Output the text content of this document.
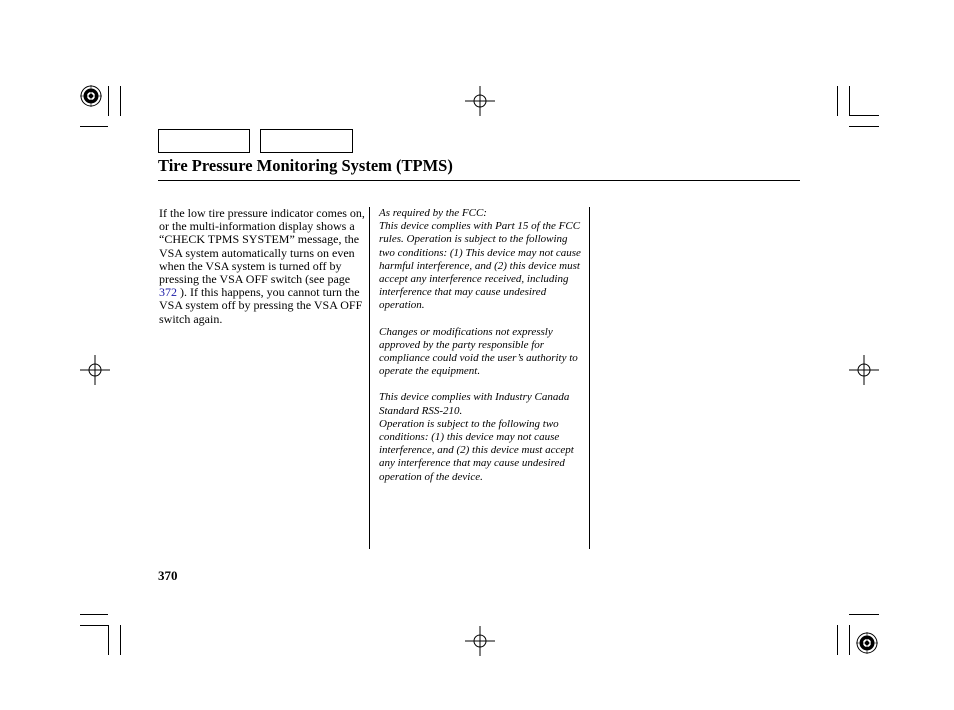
Tire Pressure Monitoring System (TPMS)
If the low tire pressure indicator comes on, or the multi-information display shows a “CHECK TPMS SYSTEM” message, the VSA system automatically turns on even when the VSA system is turned off by pressing the VSA OFF switch (see page 372 ). If this happens, you cannot turn the VSA system off by pressing the VSA OFF switch again.

As required by the FCC:
This device complies with Part 15 of the FCC rules. Operation is subject to the following two conditions: (1) This device may not cause harmful interference, and (2) this device must accept any interference received, including interference that may cause undesired operation.

Changes or modifications not expressly approved by the party responsible for compliance could void the user’s authority to operate the equipment.

This device complies with Industry Canada Standard RSS-210.
Operation is subject to the following two conditions: (1) this device may not cause interference, and (2) this device must accept any interference that may cause undesired operation of the device.

370
